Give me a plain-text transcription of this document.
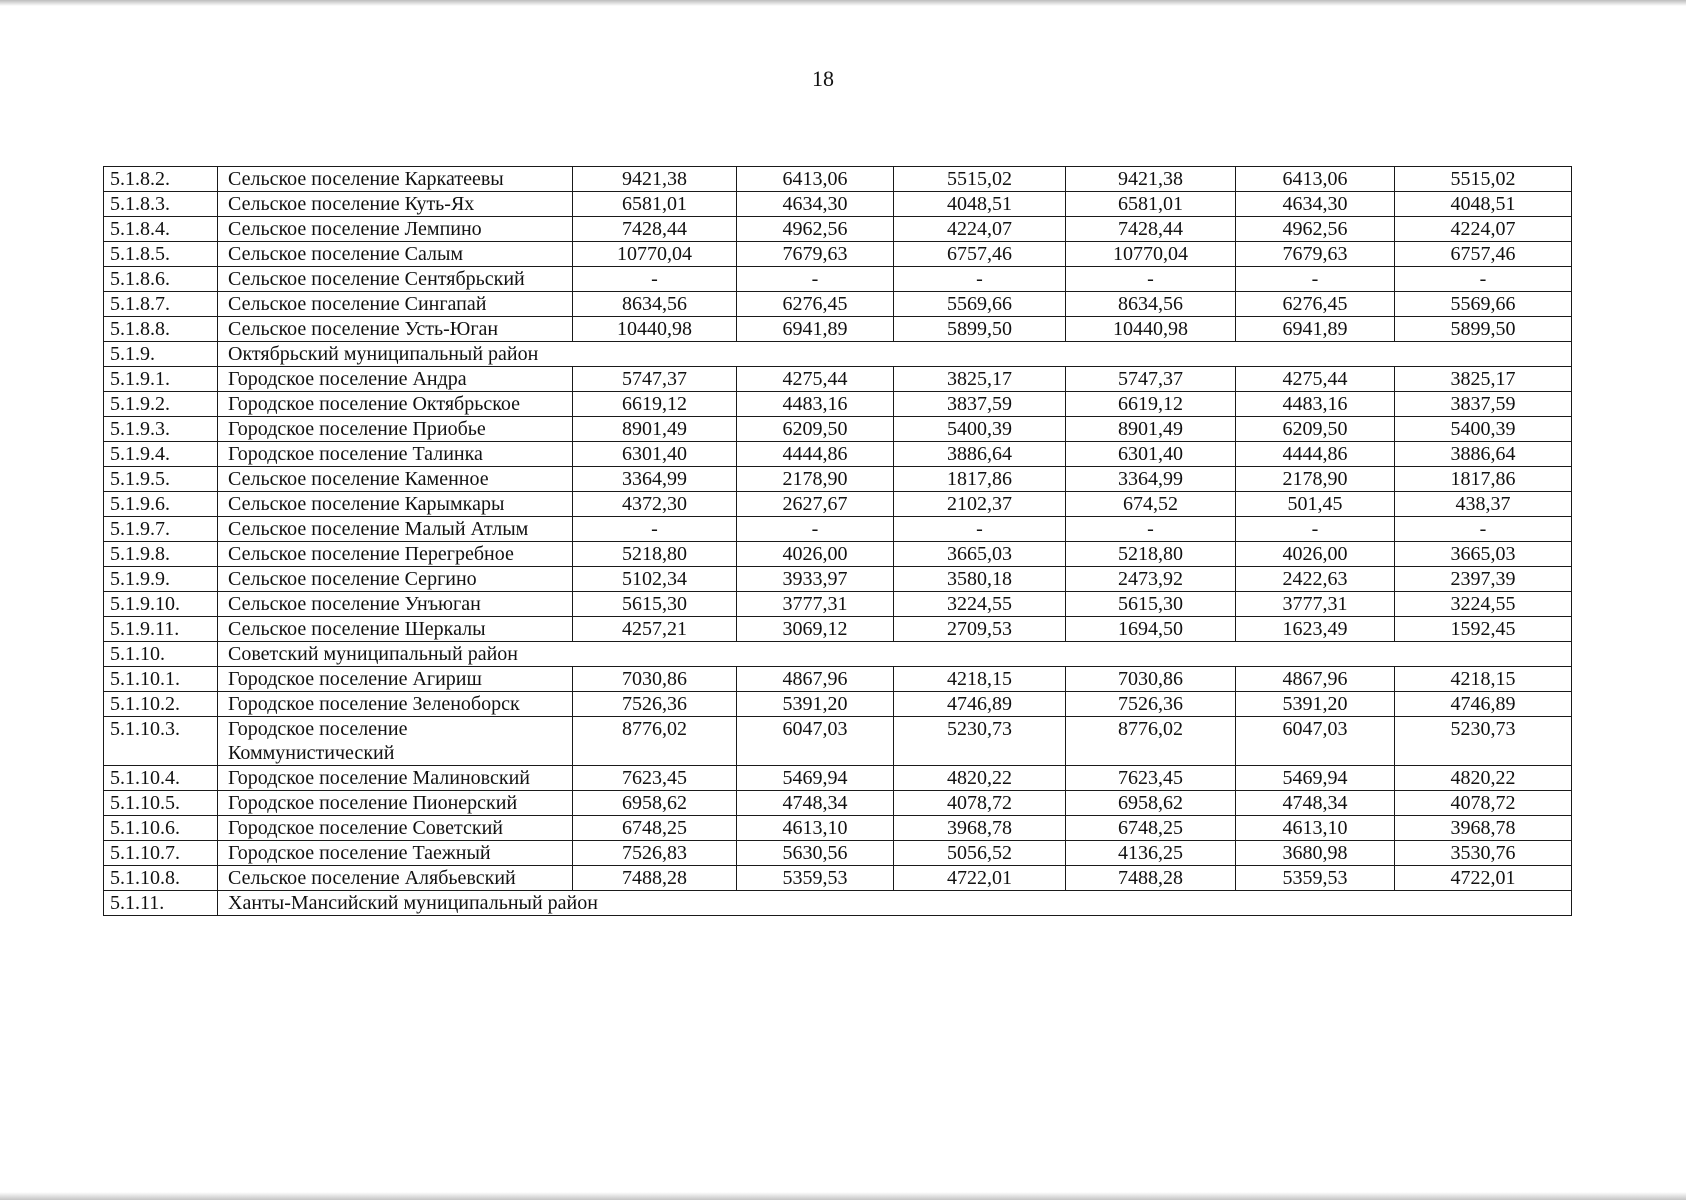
18
5.1.8.2.	Сельское поселение Каркатеевы	9421,38	6413,06	5515,02	9421,38	6413,06	5515,02
5.1.8.3.	Сельское поселение Куть-Ях	6581,01	4634,30	4048,51	6581,01	4634,30	4048,51
5.1.8.4.	Сельское поселение Лемпино	7428,44	4962,56	4224,07	7428,44	4962,56	4224,07
5.1.8.5.	Сельское поселение Салым	10770,04	7679,63	6757,46	10770,04	7679,63	6757,46
5.1.8.6.	Сельское поселение Сентябрьский	-	-	-	-	-	-
5.1.8.7.	Сельское поселение Сингапай	8634,56	6276,45	5569,66	8634,56	6276,45	5569,66
5.1.8.8.	Сельское поселение Усть-Юган	10440,98	6941,89	5899,50	10440,98	6941,89	5899,50
5.1.9.	Октябрьский муниципальный район						
5.1.9.1.	Городское поселение Андра	5747,37	4275,44	3825,17	5747,37	4275,44	3825,17
5.1.9.2.	Городское поселение Октябрьское	6619,12	4483,16	3837,59	6619,12	4483,16	3837,59
5.1.9.3.	Городское поселение Приобье	8901,49	6209,50	5400,39	8901,49	6209,50	5400,39
5.1.9.4.	Городское поселение Талинка	6301,40	4444,86	3886,64	6301,40	4444,86	3886,64
5.1.9.5.	Сельское поселение Каменное	3364,99	2178,90	1817,86	3364,99	2178,90	1817,86
5.1.9.6.	Сельское поселение Карымкары	4372,30	2627,67	2102,37	674,52	501,45	438,37
5.1.9.7.	Сельское поселение Малый Атлым	-	-	-	-	-	-
5.1.9.8.	Сельское поселение Перегребное	5218,80	4026,00	3665,03	5218,80	4026,00	3665,03
5.1.9.9.	Сельское поселение Сергино	5102,34	3933,97	3580,18	2473,92	2422,63	2397,39
5.1.9.10.	Сельское поселение Унъюган	5615,30	3777,31	3224,55	5615,30	3777,31	3224,55
5.1.9.11.	Сельское поселение Шеркалы	4257,21	3069,12	2709,53	1694,50	1623,49	1592,45
5.1.10.	Советский муниципальный район						
5.1.10.1.	Городское поселение Агириш	7030,86	4867,96	4218,15	7030,86	4867,96	4218,15
5.1.10.2.	Городское поселение Зеленоборск	7526,36	5391,20	4746,89	7526,36	5391,20	4746,89
5.1.10.3.	Городское поселение Коммунистический	8776,02	6047,03	5230,73	8776,02	6047,03	5230,73
5.1.10.4.	Городское поселение Малиновский	7623,45	5469,94	4820,22	7623,45	5469,94	4820,22
5.1.10.5.	Городское поселение Пионерский	6958,62	4748,34	4078,72	6958,62	4748,34	4078,72
5.1.10.6.	Городское поселение Советский	6748,25	4613,10	3968,78	6748,25	4613,10	3968,78
5.1.10.7.	Городское поселение Таежный	7526,83	5630,56	5056,52	4136,25	3680,98	3530,76
5.1.10.8.	Сельское поселение Алябьевский	7488,28	5359,53	4722,01	7488,28	5359,53	4722,01
5.1.11.	Ханты-Мансийский муниципальный район						
